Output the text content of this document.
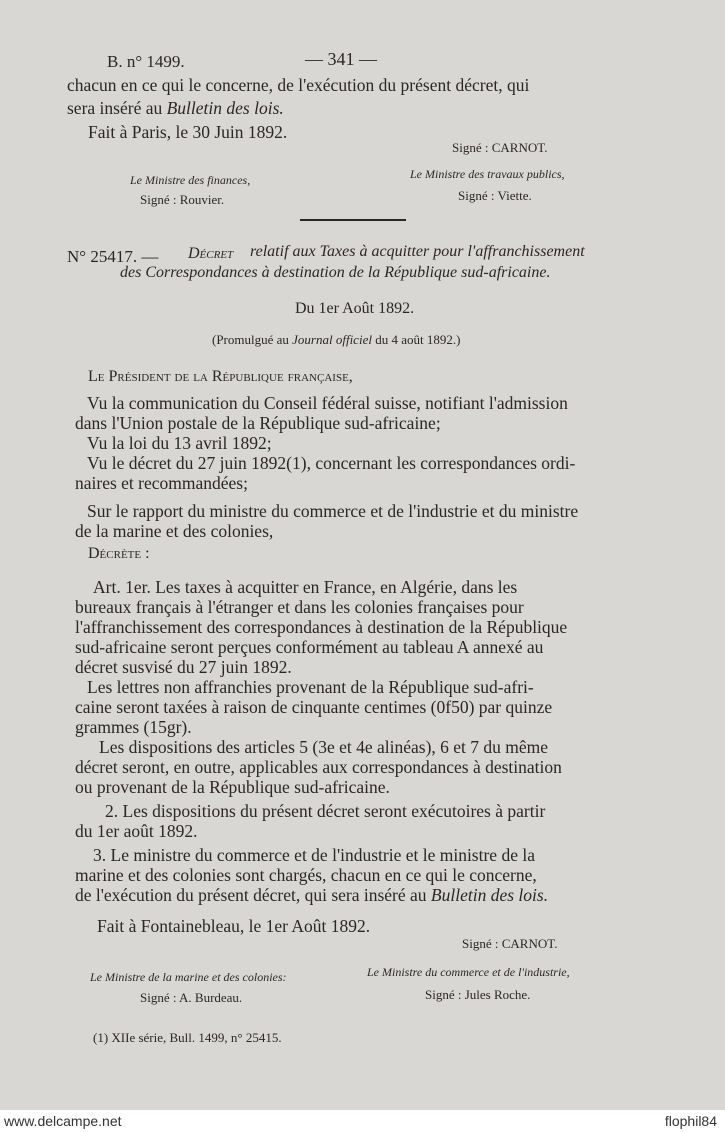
B. n° 1499.	— 341 —
chacun en ce qui le concerne, de l'exécution du présent décret, qui
sera inséré au Bulletin des lois.
Fait à Paris, le 30 Juin 1892.
Signé : CARNOT.
Le Ministre des finances,
Signé : Rouvier.
Le Ministre des travaux publics,
Signé : Viette.
N° 25417. — Décret relatif aux Taxes à acquitter pour l'affranchissement
des Correspondances à destination de la République sud-africaine.
Du 1er Août 1892.
(Promulgué au Journal officiel du 4 août 1892.)
Le Président de la République française,

Vu la communication du Conseil fédéral suisse, notifiant l'admission

dans l'Union postale de la République sud-africaine;

Vu la loi du 13 avril 1892;

Vu le décret du 27 juin 1892(1), concernant les correspondances ordi-

naires et recommandées;

Sur le rapport du ministre du commerce et de l'industrie et du ministre

de la marine et des colonies,

Décrète :

Art. 1er. Les taxes à acquitter en France, en Algérie, dans les

bureaux français à l'étranger et dans les colonies françaises pour

l'affranchissement des correspondances à destination de la République

sud-africaine seront perçues conformément au tableau A annexé au

décret susvisé du 27 juin 1892.

Les lettres non affranchies provenant de la République sud-afri-

caine seront taxées à raison de cinquante centimes (0f50) par quinze

grammes (15gr).

Les dispositions des articles 5 (3e et 4e alinéas), 6 et 7 du même

décret seront, en outre, applicables aux correspondances à destination

ou provenant de la République sud-africaine.

2. Les dispositions du présent décret seront exécutoires à partir

du 1er août 1892.

3. Le ministre du commerce et de l'industrie et le ministre de la

marine et des colonies sont chargés, chacun en ce qui le concerne,

de l'exécution du présent décret, qui sera inséré au Bulletin des lois.

Fait à Fontainebleau, le 1er Août 1892.
Signé : CARNOT.
Le Ministre de la marine et des colonies:
Signé : A. Burdeau.
Le Ministre du commerce et de l'industrie,
Signé : Jules Roche.
(1) XIIe série, Bull. 1499, n° 25415.
www.delcampe.net	flophil84
